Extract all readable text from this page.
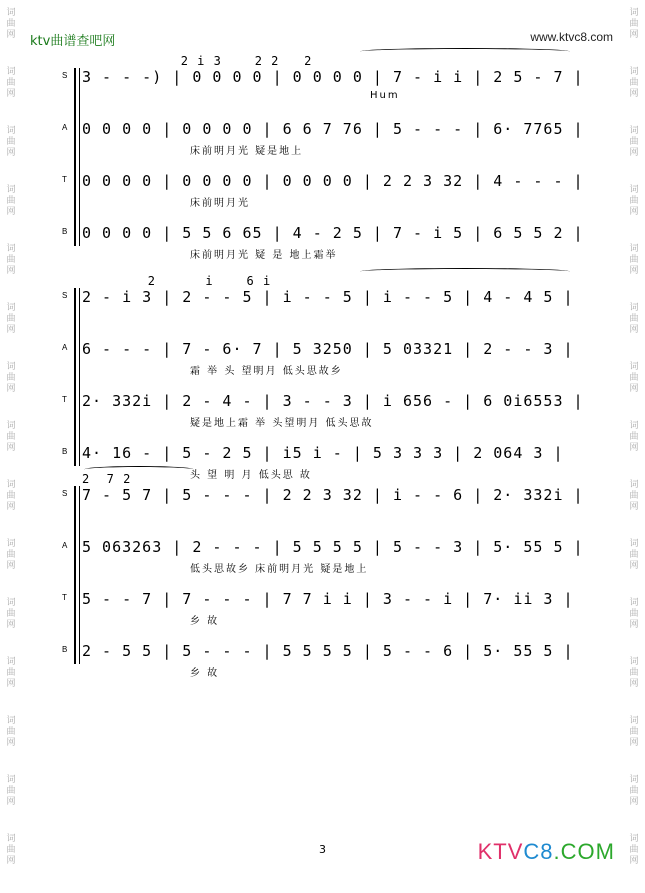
ktv曲谱查吧网	www.ktvc8.com
词
曲
网
词
曲
网
词
曲
网
词
曲
网
词
曲
网
词
曲
网
词
曲
网
词
曲
网
词
曲
网
词
曲
网
词
曲
网
词
曲
网
词
曲
网
词
曲
网
词
曲
网
词
曲
网
词
曲
网
词
曲
网
词
曲
网
词
曲
网
词
曲
网
词
曲
网
词
曲
网
词
曲
网
词
曲
网
词
曲
网
词
曲
网
词
曲
网
词
曲
网
词
曲
网
2 i 3    2 2   2
S 3 - - -) | 0 0 0 0 | 0 0 0 0 | 7 - i i | 2 5 - 7 |
Hum
A 0 0 0 0 | 0 0 0 0 | 6 6 7 76 | 5 - - - | 6· 7765 |
床前明月光 疑是地上
T 0 0 0 0 | 0 0 0 0 | 0 0 0 0 | 2 2 3 32 | 4 - - - |
床前明月光
B 0 0 0 0 | 5 5 6 65 | 4 - 2 5 | 7 - i 5 | 6 5 5 2 |
床前明月光 疑 是 地上霜举
2      i    6 i
S 2 - i 3 | 2 - - 5 | i - - 5 | i - - 5 | 4 - 4 5 |
A 6 - - - | 7 - 6· 7 | 5 3250 | 5 03321 | 2 - - 3 |
霜 举 头 望明月 低头思故乡
T 2· 332i | 2 - 4 - | 3 - - 3 | i 656 - | 6 0i6553 |
疑是地上霜 举 头望明月 低头思故
B 4· 16 - | 5 - 2 5 | i5 i - | 5 3 3 3 | 2 064 3 |
头 望 明 月 低头思 故
2  7 2
S 7 - 5 7 | 5 - - - | 2 2 3 32 | i - - 6 | 2· 332i |
A 5 063263 | 2 - - - | 5 5 5 5 | 5 - - 3 | 5· 55 5 |
低头思故乡 床前明月光 疑是地上
T 5 - - 7 | 7 - - - | 7 7 i i | 3 - - i | 7· ii 3 |
乡 故
B 2 - 5 5 | 5 - - - | 5 5 5 5 | 5 - - 6 | 5· 55 5 |
乡 故
3	KTVC8.COM
